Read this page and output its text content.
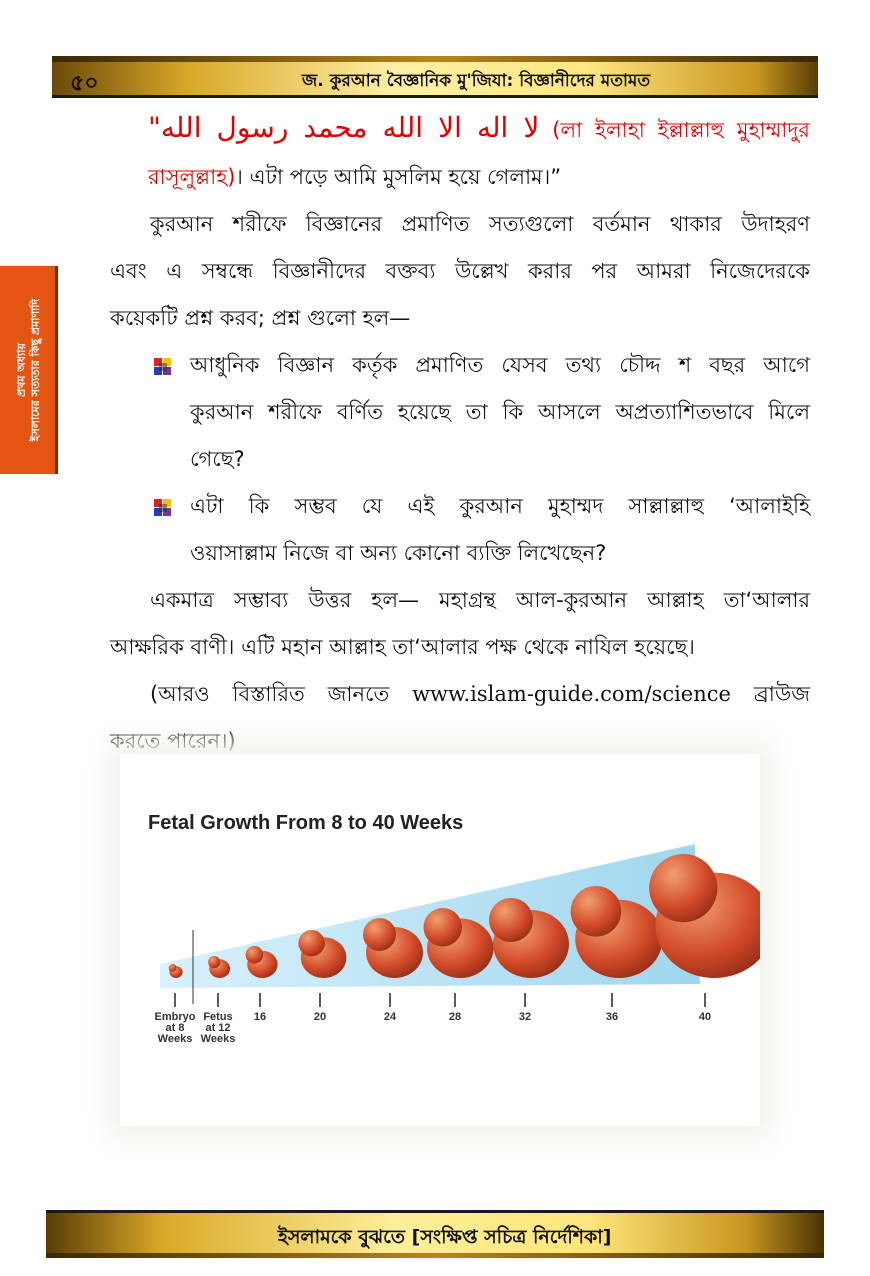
৫০	জ. কুরআন বৈজ্ঞানিক মু'জিযা: বিজ্ঞানীদের মতামত
প্রথম অধ্যায় ইসলামের সত্যতার কিছু প্রমাণাদি
لا اله الا الله محمد رسول الله" (লা ইলাহা ইল্লাল্লাহু মুহাম্মাদুর
রাসূলুল্লাহ)। এটা পড়ে আমি মুসলিম হয়ে গেলাম।”
কুরআন শরীফে বিজ্ঞানের প্রমাণিত সত্যগুলো বর্তমান থাকার উদাহরণ
এবং এ সম্বন্ধে বিজ্ঞানীদের বক্তব্য উল্লেখ করার পর আমরা নিজেদেরকে
কয়েকটি প্রশ্ন করব; প্রশ্ন গুলো হল—
আধুনিক বিজ্ঞান কর্তৃক প্রমাণিত যেসব তথ্য চৌদ্দ শ বছর আগে
কুরআন শরীফে বর্ণিত হয়েছে তা কি আসলে অপ্রত্যাশিতভাবে মিলে
গেছে?
এটা কি সম্ভব যে এই কুরআন মুহাম্মদ সাল্লাল্লাহু ‘আলাইহি
ওয়াসাল্লাম নিজে বা অন্য কোনো ব্যক্তি লিখেছেন?
একমাত্র সম্ভাব্য উত্তর হল— মহাগ্রন্থ আল-কুরআন আল্লাহ তা‘আলার
আক্ষরিক বাণী। এটি মহান আল্লাহ তা‘আলার পক্ষ থেকে নাযিল হয়েছে।
(আরও বিস্তারিত জানতে www.islam-guide.com/science ব্রাউজ
করতে পারেন।)
Fetal Growth From 8 to 40 Weeks
Embryo at 8 Weeks
Fetus at 12 Weeks
16	20	24	28	32	36	40
ইসলামকে বুঝতে [সংক্ষিপ্ত সচিত্র নির্দেশিকা]
